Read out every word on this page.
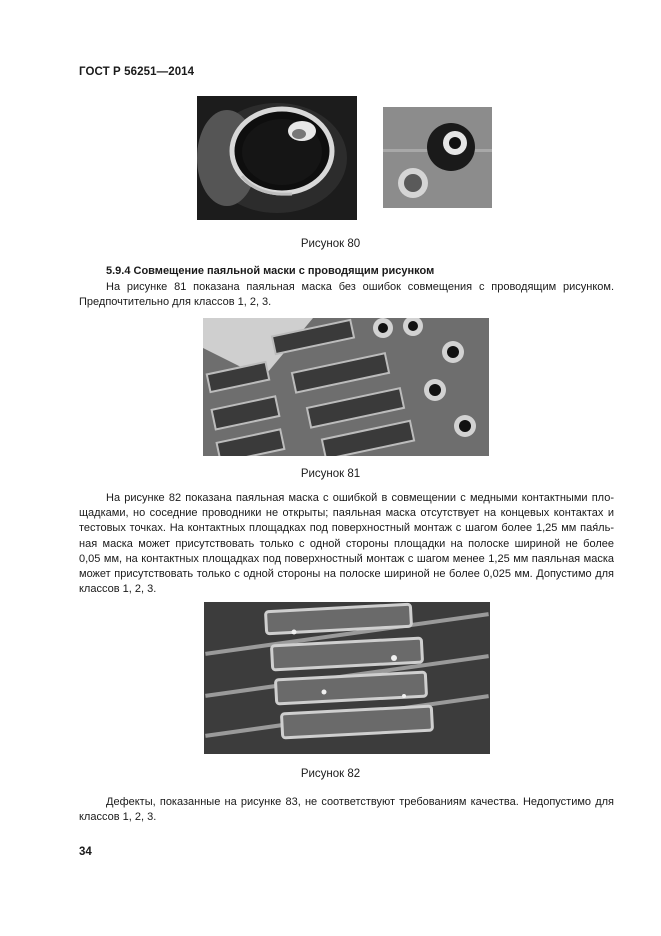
ГОСТ Р 56251—2014
Рисунок 80
5.9.4 Совмещение паяльной маски с проводящим рисунком

На рисунке 81 показана паяльная маска без ошибок совмещения с проводящим рисунком.
Предпочтительно для классов 1, 2, 3.

Рисунок 81

На рисунке 82 показана паяльная маска с ошибкой в совмещении с медными контактными пло-
щадками, но соседние проводники не открыты; паяльная маска отсутствует на концевых контактах и
тестовых точках. На контактных площадках под поверхностный монтаж с шагом более 1,25 мм пая́ль-
ная маска может присутствовать только с одной стороны площадки на полоске шириной не более
0,05 мм, на контактных площадках под поверхностный монтаж с шагом менее 1,25 мм паяльная маска
может присутствовать только с одной стороны на полоске шириной не более 0,025 мм. Допустимо для
классов 1, 2, 3.

Рисунок 82

Дефекты, показанные на рисунке 83, не соответствуют требованиям качества. Недопустимо для
классов 1, 2, 3.

34
